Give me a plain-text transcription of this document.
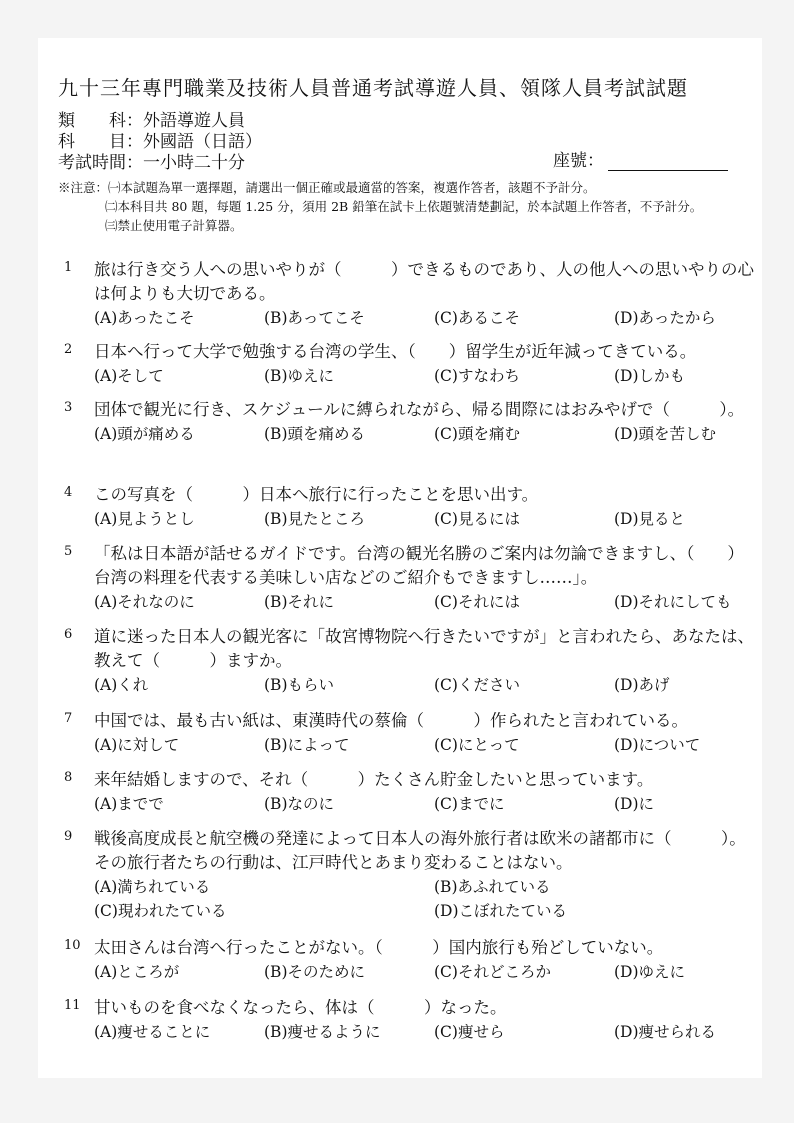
九十三年專門職業及技術人員普通考試導遊人員、領隊人員考試試題
類　　科：外語導遊人員
科　　目：外國語（日語）
考試時間：一小時二十分	座號：
※注意：㈠本試題為單一選擇題，請選出一個正確或最適當的答案，複選作答者，該題不予計分。
㈡本科目共 80 題，每題 1.25 分，須用 2B 鉛筆在試卡上依題號清楚劃記，於本試題上作答者，不予計分。
㈢禁止使用電子計算器。
1 旅は行き交う人への思いやりが（　　　）できるものであり、人の他人への思いやりの心は何よりも大切である。
(A)あったこそ	(B)あってこそ	(C)あるこそ	(D)あったから
2 日本へ行って大学で勉強する台湾の学生、（　　）留学生が近年減ってきている。
(A)そして	(B)ゆえに	(C)すなわち	(D)しかも
3 団体で観光に行き、スケジュールに縛られながら、帰る間際にはおみやげで（　　　）。
(A)頭が痛める	(B)頭を痛める	(C)頭を痛む	(D)頭を苦しむ
4 この写真を（　　　）日本へ旅行に行ったことを思い出す。
(A)見ようとし	(B)見たところ	(C)見るには	(D)見ると
5 「私は日本語が話せるガイドです。台湾の観光名勝のご案内は勿論できますし、（　　）台湾の料理を代表する美味しい店などのご紹介もできますし……」。
(A)それなのに	(B)それに	(C)それには	(D)それにしても
6 道に迷った日本人の観光客に「故宮博物院へ行きたいですが」と言われたら、あなたは、教えて（　　　）ますか。
(A)くれ	(B)もらい	(C)ください	(D)あげ
7 中国では、最も古い紙は、東漢時代の蔡倫（　　　）作られたと言われている。
(A)に対して	(B)によって	(C)にとって	(D)について
8 来年結婚しますので、それ（　　　）たくさん貯金したいと思っています。
(A)までで	(B)なのに	(C)までに	(D)に
9 戦後高度成長と航空機の発達によって日本人の海外旅行者は欧米の諸都市に（　　　）。その旅行者たちの行動は、江戸時代とあまり変わることはない。
(A)満ちれている	(B)あふれている
(C)現われたている	(D)こぼれたている
10 太田さんは台湾へ行ったことがない。（　　　）国内旅行も殆どしていない。
(A)ところが	(B)そのために	(C)それどころか	(D)ゆえに
11 甘いものを食べなくなったら、体は（　　　）なった。
(A)痩せることに	(B)痩せるように	(C)痩せら	(D)痩せられる
